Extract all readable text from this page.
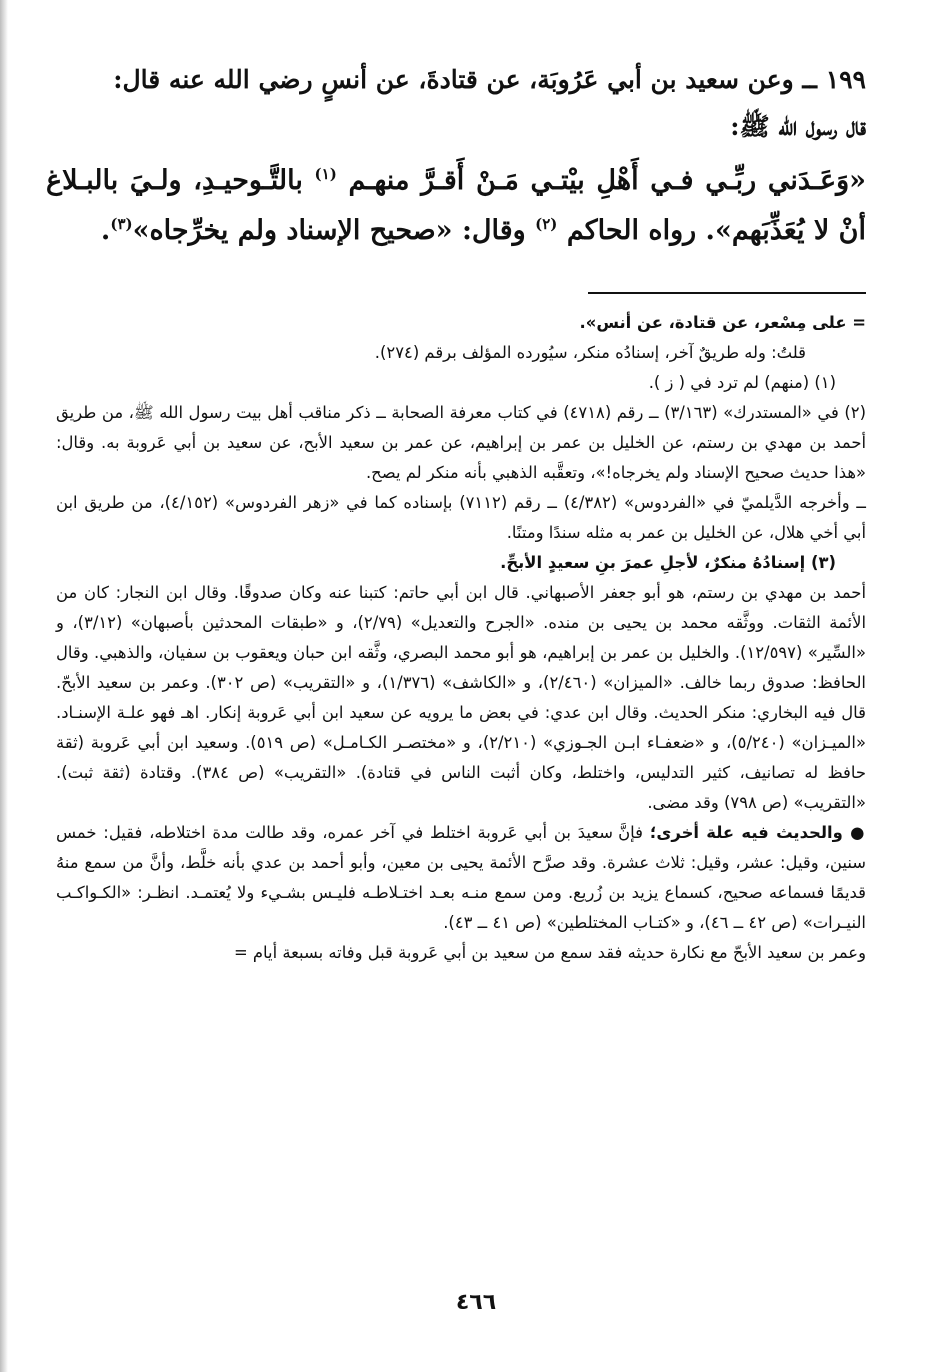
١٩٩ ــ وعن سعيد بن أبي عَرُوبَة، عن قتادةَ، عن أنسٍ رضي الله عنه قال:

قال رسول الله ﷺ:

«وَعَـدَني ربِّـي فـي أَهْلِ بيْتـي مَـنْ أَقـرَّ منهـم $^{(١)}$ بالتَّـوحيـدِ، ولـيَ بالبـلاغ أنْ لا يُعَذِّبَهم». رواه الحاكم $^{(٢)}$ وقال: «صحيح الإسناد ولم يخرِّجاه»$^{(٣)}$.

= على مِسْعر، عن قتادة، عن أنس».

قلتُ: وله طريقٌ آخر، إسنادُه منكر، سيُورده المؤلف برقم (٢٧٤).

(١) (منهم) لم ترد في ( ز ).

(٢) في «المستدرك» (٣/١٦٣) ــ رقم (٤٧١٨) في كتاب معرفة الصحابة ــ ذكر مناقب أهل بيت رسول الله ﷺ، من طريق أحمد بن مهدي بن رستم، عن الخليل بن عمر بن إبراهيم، عن عمر بن سعيد الأبح، عن سعيد بن أبي عَروبة به. وقال: «هذا حديث صحيح الإسناد ولم يخرجاه!»، وتعقَّبه الذهبي بأنه منكر لم يصح.

ــ وأخرجه الدَّيلميّ في «الفردوس» (٤/٣٨٢) ــ رقم (٧١١٢) بإسناده كما في «زهر الفردوس» (٤/١٥٢)، من طريق ابن أبي أخي هلال، عن الخليل بن عمر به مثله سندًا ومتنًا.

(٣) إسنادُهُ منكرٌ، لأجلِ عمرَ بنِ سعيدٍ الأبحِّ.

أحمد بن مهدي بن رستم، هو أبو جعفر الأصبهاني. قال ابن أبي حاتم: كتبنا عنه وكان صدوقًا. وقال ابن النجار: كان من الأئمة الثقات. ووثَّقه محمد بن يحيى بن منده. «الجرح والتعديل» (٢/٧٩)، و «طبقات المحدثين بأصبهان» (٣/١٢)، و «السِّير» (١٢/٥٩٧). والخليل بن عمر بن إبراهيم، هو أبو محمد البصري، وثَّقه ابن حبان ويعقوب بن سفيان، والذهبي. وقال الحافظ: صدوق ربما خالف. «الميزان» (٢/٤٦٠)، و «الكاشف» (١/٣٧٦)، و «التقريب» (ص ٣٠٢). وعمر بن سعيد الأبحّ. قال فيه البخاري: منكر الحديث. وقال ابن عدي: في بعض ما يرويه عن سعيد ابن أبي عَروبة إنكار. اهـ فهو علـة الإسنـاد. «الميـزان» (٥/٢٤٠)، و «ضعفـاء ابـن الجـوزي» (٢/٢١٠)، و «مختصـر الكـامـل» (ص ٥١٩). وسعيد ابن أبي عَروبة (ثقة حافظ له تصانيف، كثير التدليس، واختلط، وكان أثبت الناس في قتادة). «التقريب» (ص ٣٨٤). وقتادة (ثقة ثبت). «التقريب» (ص ٧٩٨) وقد مضى.

● والحديث فيه علة أخرى؛ فإنَّ سعيدَ بن أبي عَروبة اختلط في آخر عمره، وقد طالت مدة اختلاطه، فقيل: خمس سنين، وقيل: عشر، وقيل: ثلاث عشرة. وقد صرَّح الأئمة يحيى بن معين، وأبو أحمد بن عدي بأنه خلَّط، وأنَّ من سمع منهُ قديمًا فسماعه صحيح، كسماع يزيد بن زُريع. ومن سمع منـه بعـد اختـلاطـه فليـس بشـيء ولا يُعتمـد. انظـر: «الكـواكـب النيـرات» (ص ٤٢ ــ ٤٦)، و «كتـاب المختلطين» (ص ٤١ ــ ٤٣).

وعمر بن سعيد الأبحّ مع نكارة حديثه فقد سمع من سعيد بن أبي عَروبة قبل وفاته بسبعة أيام =

٤٦٦
